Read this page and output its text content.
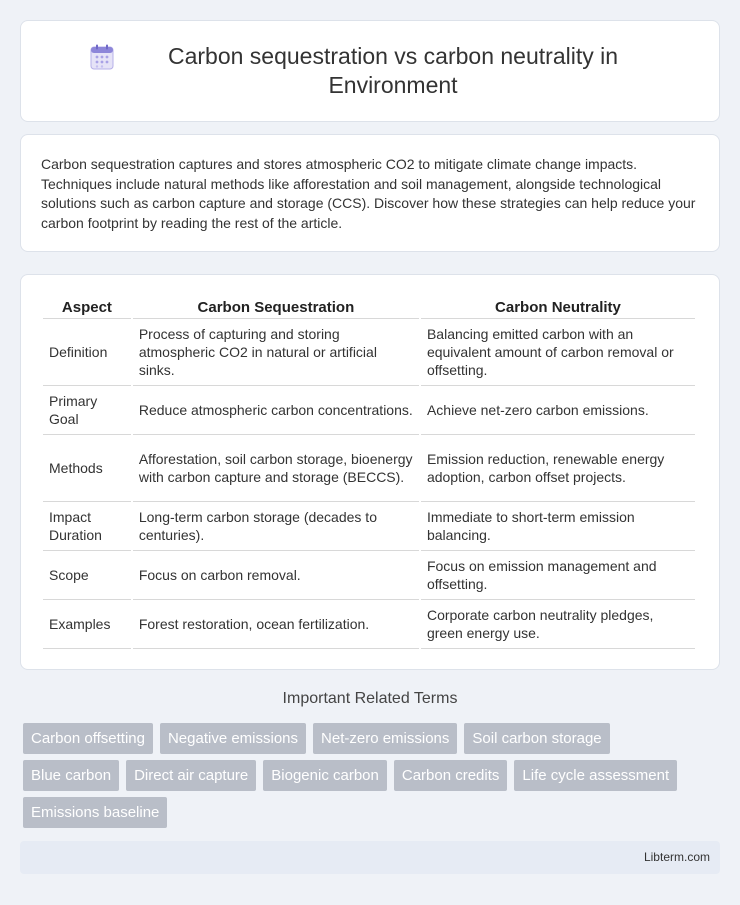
Carbon sequestration vs carbon neutrality in Environment

Carbon sequestration captures and stores atmospheric CO2 to mitigate climate change impacts. Techniques include natural methods like afforestation and soil management, alongside technological solutions such as carbon capture and storage (CCS). Discover how these strategies can help reduce your carbon footprint by reading the rest of the article.

Aspect	Carbon Sequestration	Carbon Neutrality
Definition	Process of capturing and storing atmospheric CO2 in natural or artificial sinks.	Balancing emitted carbon with an equivalent amount of carbon removal or offsetting.
Primary Goal	Reduce atmospheric carbon concentrations.	Achieve net-zero carbon emissions.
Methods	Afforestation, soil carbon storage, bioenergy with carbon capture and storage (BECCS).	Emission reduction, renewable energy adoption, carbon offset projects.
Impact Duration	Long-term carbon storage (decades to centuries).	Immediate to short-term emission balancing.
Scope	Focus on carbon removal.	Focus on emission management and offsetting.
Examples	Forest restoration, ocean fertilization.	Corporate carbon neutrality pledges, green energy use.
Important Related Terms
Carbon offsetting	Negative emissions	Net-zero emissions	Soil carbon storage
Blue carbon	Direct air capture	Biogenic carbon	Carbon credits	Life cycle assessment
Emissions baseline
Libterm.com
